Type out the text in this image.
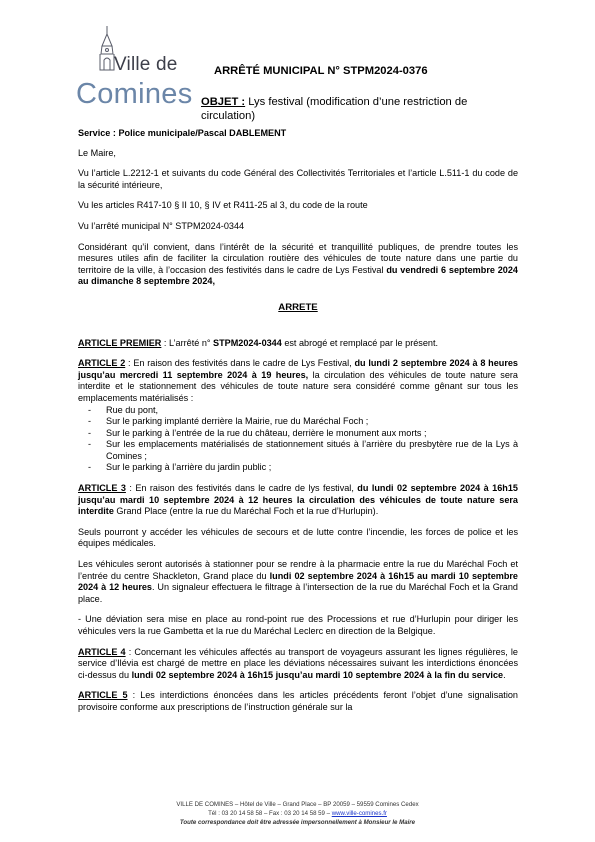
Ville de
Comines
ARRÊTÉ MUNICIPAL N° STPM2024-0376
OBJET : Lys festival (modification d’une restriction de circulation)

Service : Police municipale/Pascal DABLEMENT

Le Maire,

Vu l’article L.2212-1 et suivants du code Général des Collectivités Territoriales et l’article L.511-1 du code de la sécurité intérieure,

Vu les articles R417-10 § II 10, § IV et R411-25 al 3, du code de la route

Vu l’arrêté municipal N° STPM2024-0344

Considérant qu’il convient, dans l’intérêt de la sécurité et tranquillité publiques, de prendre toutes les mesures utiles afin de faciliter la circulation routière des véhicules de toute nature dans une partie du territoire de la ville, à l’occasion des festivités dans le cadre de Lys Festival du vendredi 6 septembre 2024 au dimanche 8 septembre 2024,

ARRETE

ARTICLE PREMIER : L’arrêté n° STPM2024-0344 est abrogé et remplacé par le présent.

ARTICLE 2 : En raison des festivités dans le cadre de Lys Festival, du lundi 2 septembre 2024 à 8 heures jusqu’au mercredi 11 septembre 2024 à 19 heures, la circulation des véhicules de toute nature sera interdite et le stationnement des véhicules de toute nature sera considéré comme gênant sur tous les emplacements matérialisés :

- Rue du pont,
- Sur le parking implanté derrière la Mairie, rue du Maréchal Foch ;
- Sur le parking à l’entrée de la rue du château, derrière le monument aux morts ;
- Sur les emplacements matérialisés de stationnement situés à l’arrière du presbytère rue de la Lys à Comines ;
- Sur le parking à l’arrière du jardin public ;

ARTICLE 3 : En raison des festivités dans le cadre de lys festival, du lundi 02 septembre 2024 à 16h15 jusqu’au mardi 10 septembre 2024 à 12 heures la circulation des véhicules de toute nature sera interdite Grand Place (entre la rue du Maréchal Foch et la rue d’Hurlupin).

Seuls pourront y accéder les véhicules de secours et de lutte contre l’incendie, les forces de police et les équipes médicales.

Les véhicules seront autorisés à stationner pour se rendre à la pharmacie entre la rue du Maréchal Foch et l’entrée du centre Shackleton, Grand place du lundi 02 septembre 2024 à 16h15 au mardi 10 septembre 2024 à 12 heures. Un signaleur effectuera le filtrage à l’intersection de la rue du Maréchal Foch et la Grand place.

- Une déviation sera mise en place au rond-point rue des Processions et rue d’Hurlupin pour diriger les véhicules vers la rue Gambetta et la rue du Maréchal Leclerc en direction de la Belgique.

ARTICLE 4 : Concernant les véhicules affectés au transport de voyageurs assurant les lignes régulières, le service d’Ilévia est chargé de mettre en place les déviations nécessaires suivant les interdictions énoncées ci-dessus du lundi 02 septembre 2024 à 16h15 jusqu’au mardi 10 septembre 2024 à la fin du service.

ARTICLE 5 : Les interdictions énoncées dans les articles précédents feront l’objet d’une signalisation provisoire conforme aux prescriptions de l’instruction générale sur la

VILLE DE COMINES – Hôtel de Ville – Grand Place – BP 20059 – 59559 Comines Cedex
Tél : 03 20 14 58 58 – Fax : 03 20 14 58 59 – www.ville-comines.fr
Toute correspondance doit être adressée impersonnellement à Monsieur le Maire
